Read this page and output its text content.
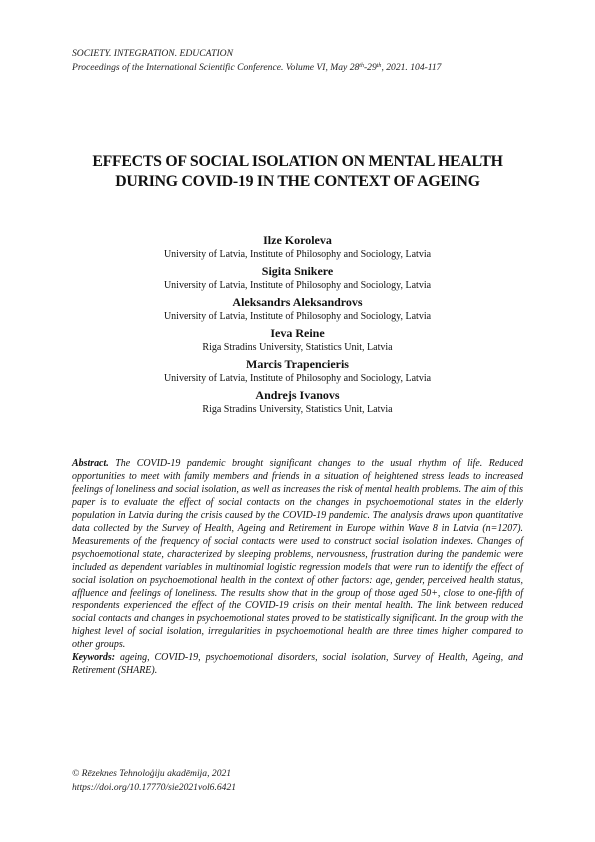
SOCIETY. INTEGRATION. EDUCATION
Proceedings of the International Scientific Conference. Volume VI, May 28th-29th, 2021. 104-117
EFFECTS OF SOCIAL ISOLATION ON MENTAL HEALTH DURING COVID-19 IN THE CONTEXT OF AGEING
Ilze Koroleva
University of Latvia, Institute of Philosophy and Sociology, Latvia
Sigita Snikere
University of Latvia, Institute of Philosophy and Sociology, Latvia
Aleksandrs Aleksandrovs
University of Latvia, Institute of Philosophy and Sociology, Latvia
Ieva Reine
Riga Stradins University, Statistics Unit, Latvia
Marcis Trapencieris
University of Latvia, Institute of Philosophy and Sociology, Latvia
Andrejs Ivanovs
Riga Stradins University, Statistics Unit, Latvia
Abstract. The COVID-19 pandemic brought significant changes to the usual rhythm of life. Reduced opportunities to meet with family members and friends in a situation of heightened stress leads to increased feelings of loneliness and social isolation, as well as increases the risk of mental health problems. The aim of this paper is to evaluate the effect of social contacts on the changes in psychoemotional states in the elderly population in Latvia during the crisis caused by the COVID-19 pandemic. The analysis draws upon quantitative data collected by the Survey of Health, Ageing and Retirement in Europe within Wave 8 in Latvia (n=1207). Measurements of the frequency of social contacts were used to construct social isolation indexes. Changes of psychoemotional state, characterized by sleeping problems, nervousness, frustration during the pandemic were included as dependent variables in multinomial logistic regression models that were run to identify the effect of social isolation on psychoemotional health in the context of other factors: age, gender, perceived health status, affluence and feelings of loneliness. The results show that in the group of those aged 50+, close to one-fifth of respondents experienced the effect of the COVID-19 crisis on their mental health. The link between reduced social contacts and changes in psychoemotional states proved to be statistically significant. In the group with the highest level of social isolation, irregularities in psychoemotional health are three times higher compared to other groups.
Keywords: ageing, COVID-19, psychoemotional disorders, social isolation, Survey of Health, Ageing, and Retirement (SHARE).
© Rēzeknes Tehnoloģiju akadēmija, 2021
https://doi.org/10.17770/sie2021vol6.6421
